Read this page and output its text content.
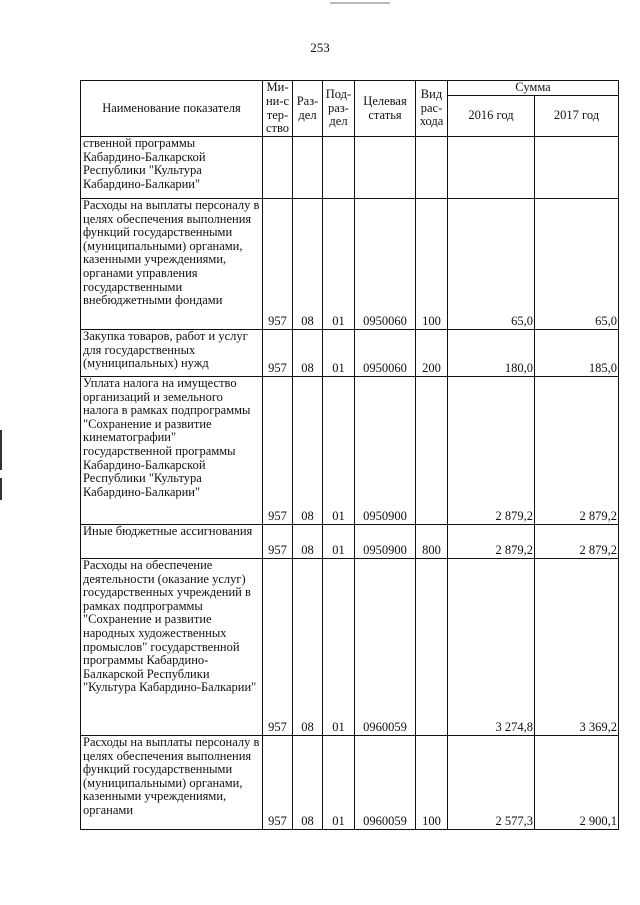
253
Наименование показателя	Ми-ни-стер-ство	Раз-дел	Под-раз-дел	Целевая статья	Вид рас-хода	Сумма	
						2016 год	2017 год
ственной программы Кабардино-Балкарской Республики "Культура Кабардино-Балкарии"							
Расходы на выплаты персоналу в целях обеспечения выполнения функций государственными (муниципальными) органами, казенными учреждениями, органами управления государственными внебюджетными фондами	957	08	01	0950060	100	65,0	65,0
Закупка товаров, работ и услуг для государственных (муниципальных) нужд	957	08	01	0950060	200	180,0	185,0
Уплата налога на имущество организаций и земельного налога в рамках подпрограммы "Сохранение и развитие кинематографии" государственной программы Кабардино-Балкарской Республики "Культура Кабардино-Балкарии"	957	08	01	0950900		2 879,2	2 879,2
Иные бюджетные ассигнования	957	08	01	0950900	800	2 879,2	2 879,2
Расходы на обеспечение деятельности (оказание услуг) государственных учреждений в рамках подпрограммы "Сохранение и развитие народных художественных промыслов" государственной программы Кабардино-Балкарской Республики "Культура Кабардино-Балкарии"	957	08	01	0960059		3 274,8	3 369,2
Расходы на выплаты персоналу в целях обеспечения выполнения функций государственными (муниципальными) органами, казенными учреждениями, органами	957	08	01	0960059	100	2 577,3	2 900,1
